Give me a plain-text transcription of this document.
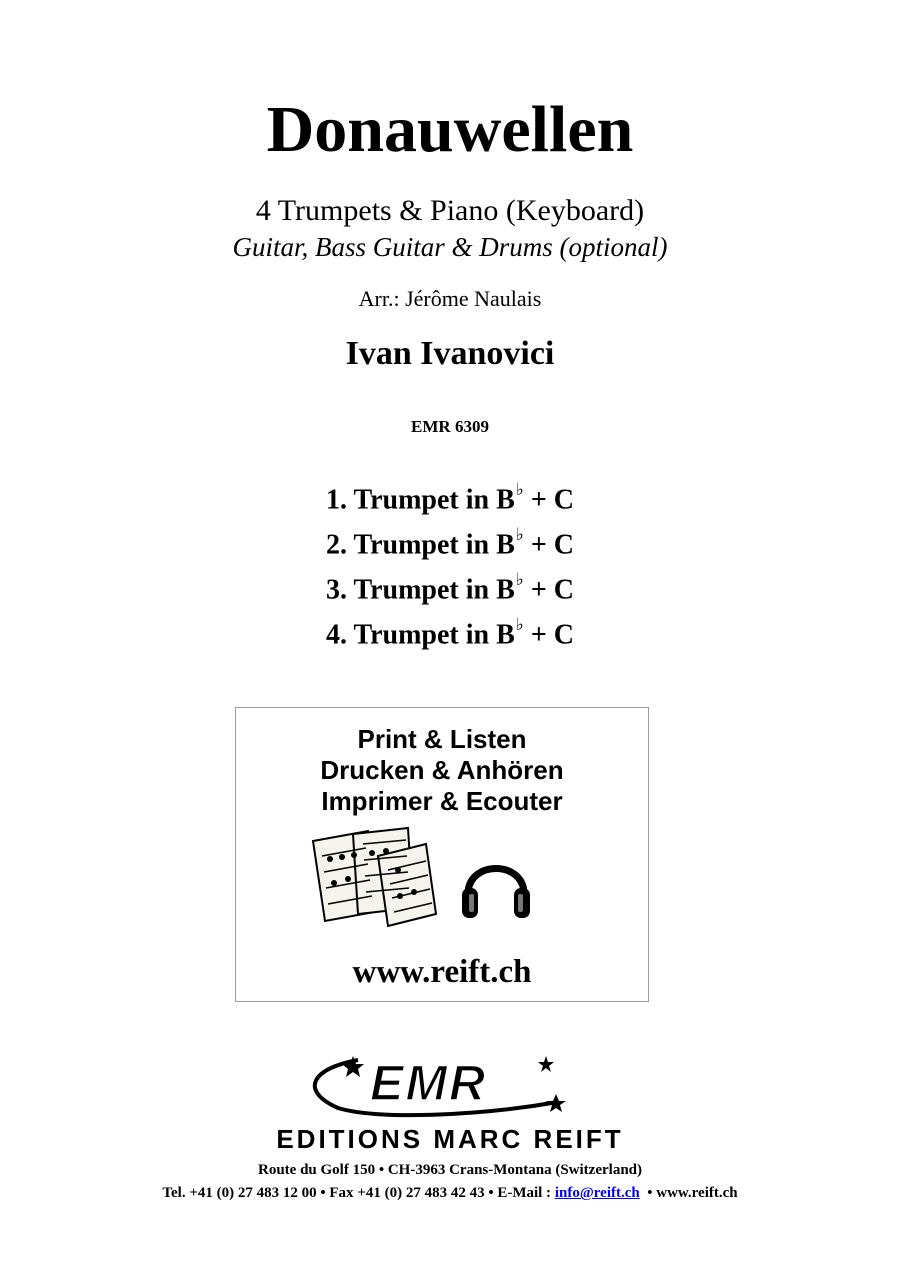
Donauwellen
4 Trumpets & Piano (Keyboard)
Guitar, Bass Guitar & Drums (optional)
Arr.: Jérôme Naulais
Ivan Ivanovici
EMR 6309
1. Trumpet in B♭ + C
2. Trumpet in B♭ + C
3. Trumpet in B♭ + C
4. Trumpet in B♭ + C
Print & Listen
Drucken & Anhören
Imprimer & Ecouter
www.reift.ch
EMR
EDITIONS MARC REIFT
Route du Golf 150 • CH-3963 Crans-Montana (Switzerland)
Tel. +41 (0) 27 483 12 00 • Fax +41 (0) 27 483 42 43 • E-Mail : info@reift.ch  • www.reift.ch
